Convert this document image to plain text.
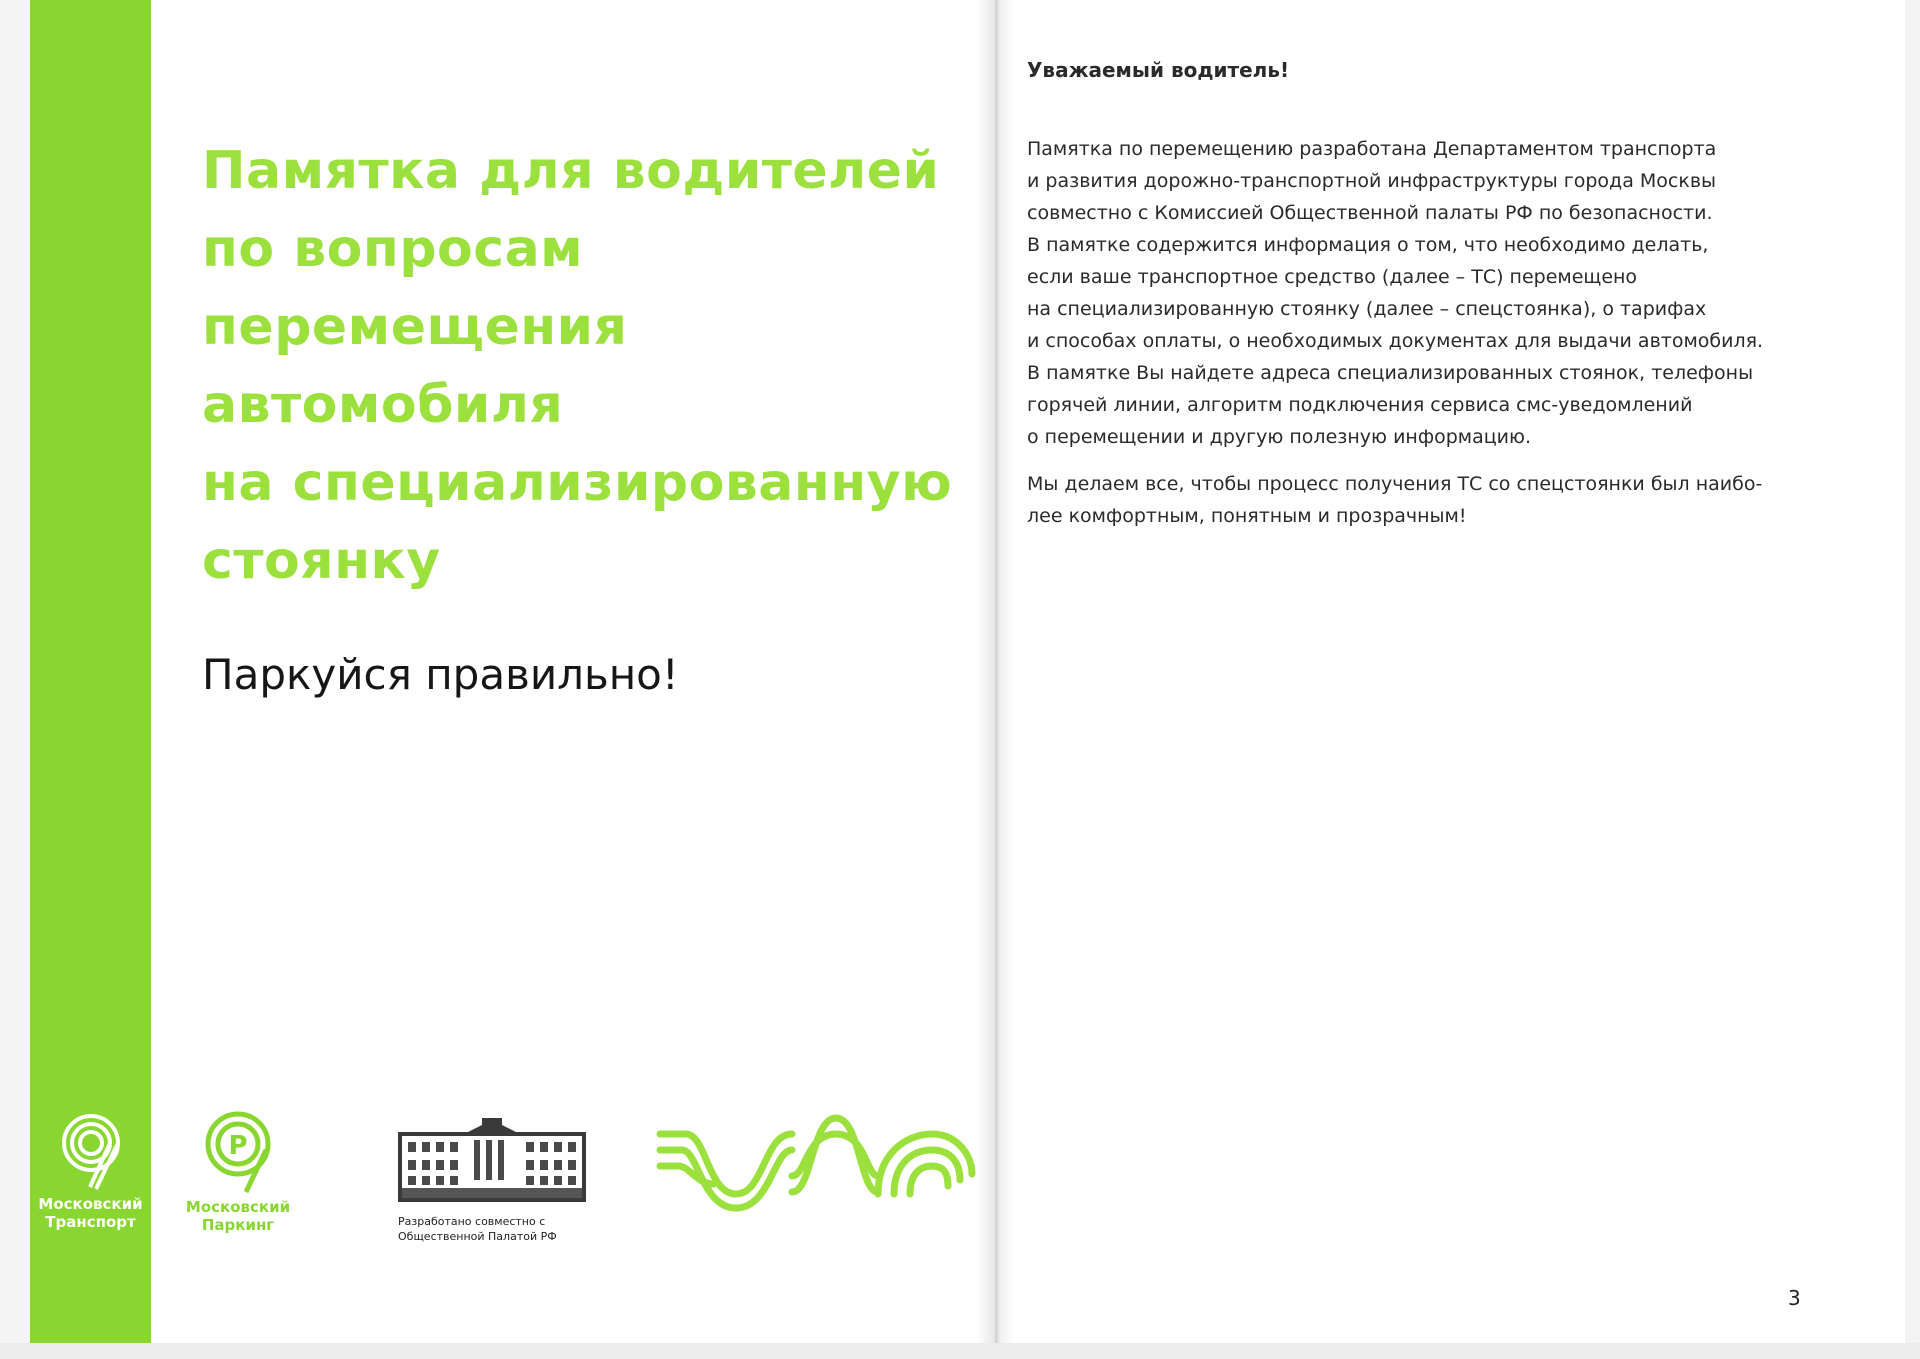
Памятка для водителей
по вопросам
перемещения автомобиля
на специализированную
стоянку

Паркуйся правильно!

Московский
Транспорт
P
Московский
Паркинг	Разработано совместно с
Общественной Палатой РФ
Уважаемый водитель!
Памятка по перемещению разработана Департаментом транспорта
и развития дорожно-транспортной инфраструктуры города Москвы
совместно с Комиссией Общественной палаты РФ по безопасности.
В памятке содержится информация о том, что необходимо делать,
если ваше транспортное средство (далее – ТС) перемещено
на специализированную стоянку (далее – спецстоянка), о тарифах
и способах оплаты, о необходимых документах для выдачи автомобиля.
В памятке Вы найдете адреса специализированных стоянок, телефоны
горячей линии, алгоритм подключения сервиса смс-уведомлений
о перемещении и другую полезную информацию.
Мы делаем все, чтобы процесс получения ТС со спецстоянки был наибо-
лее комфортным, понятным и прозрачным!
3
